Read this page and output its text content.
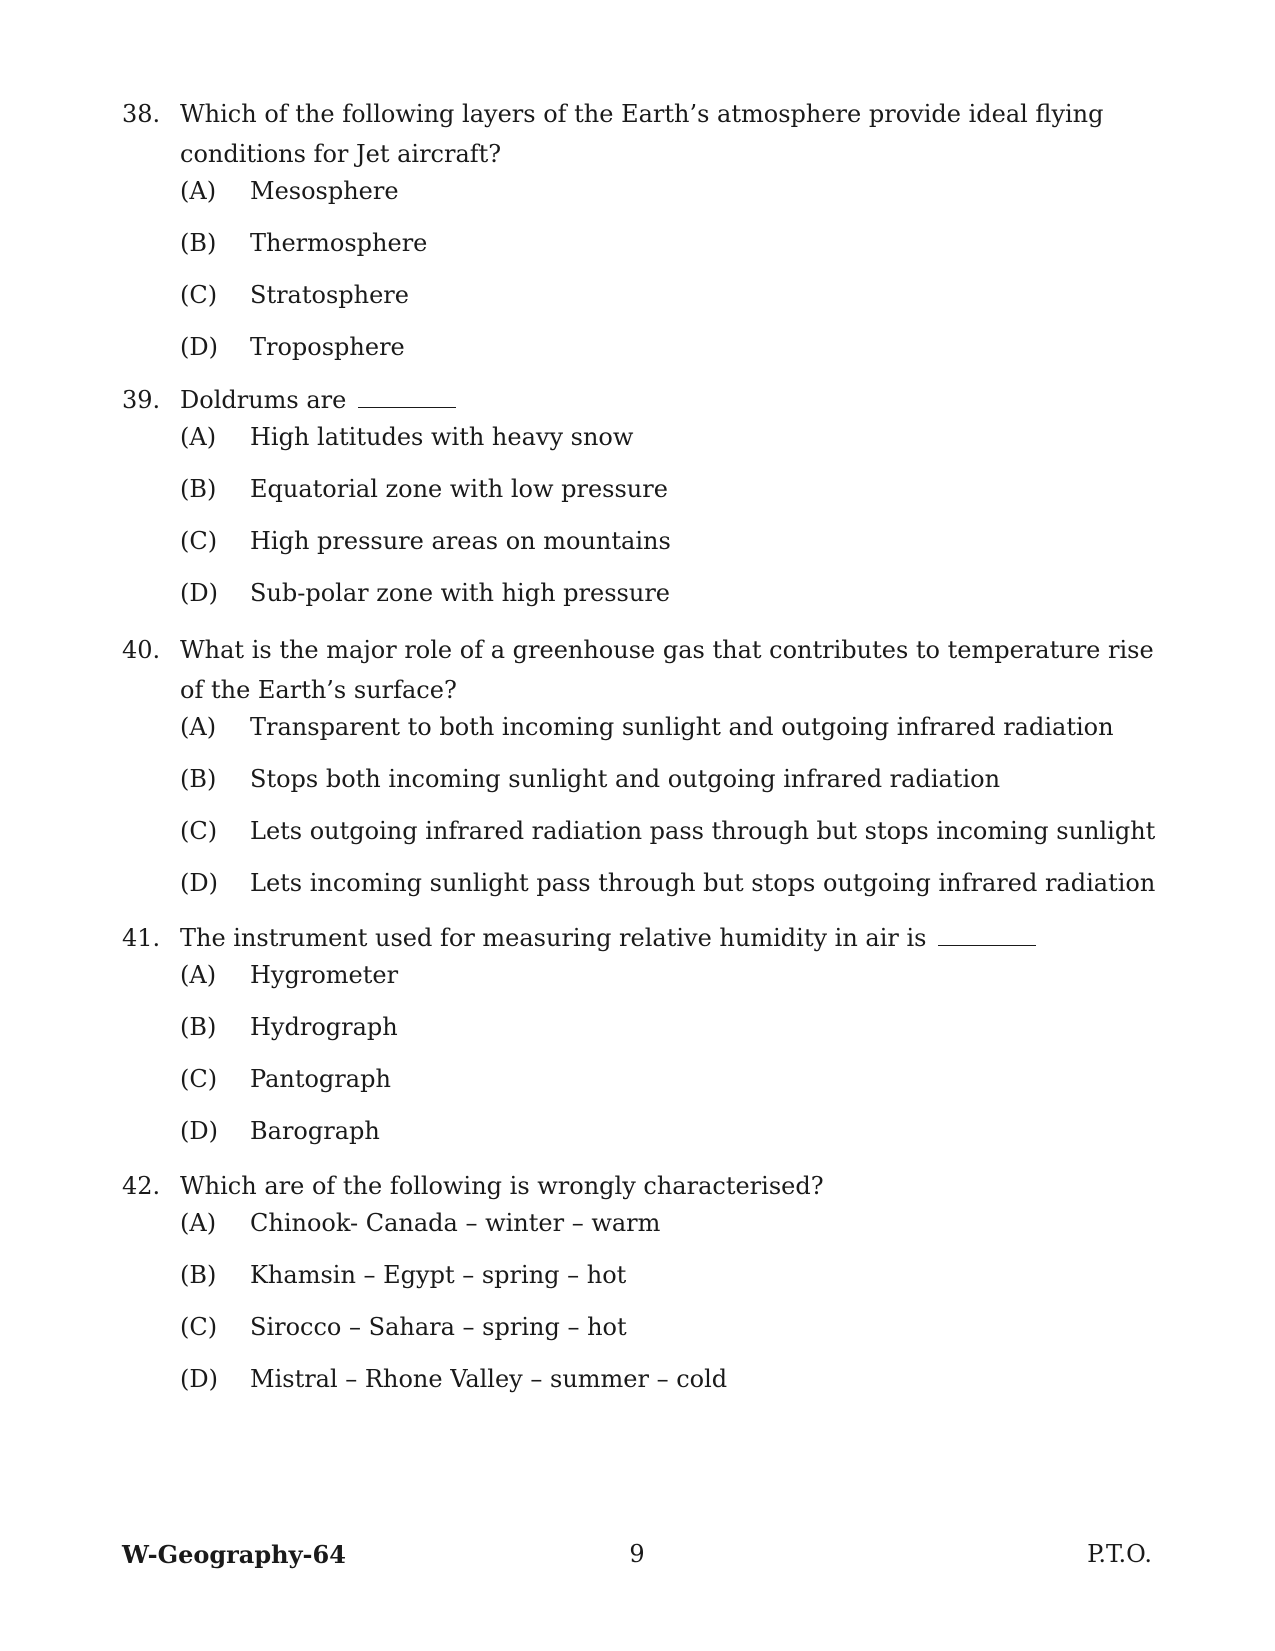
38. Which of the following layers of the Earth’s atmosphere provide ideal flying conditions for Jet aircraft?
(A)	Mesosphere
(B)	Thermosphere
(C)	Stratosphere
(D)	Troposphere
39. Doldrums are
(A)	High latitudes with heavy snow
(B)	Equatorial zone with low pressure
(C)	High pressure areas on mountains
(D)	Sub-polar zone with high pressure
40. What is the major role of a greenhouse gas that contributes to temperature rise of the Earth’s surface?
(A)	Transparent to both incoming sunlight and outgoing infrared radiation
(B)	Stops both incoming sunlight and outgoing infrared radiation
(C)	Lets outgoing infrared radiation pass through but stops incoming sunlight
(D)	Lets incoming sunlight pass through but stops outgoing infrared radiation
41. The instrument used for measuring relative humidity in air is
(A)	Hygrometer
(B)	Hydrograph
(C)	Pantograph
(D)	Barograph
42. Which are of the following is wrongly characterised?
(A)	Chinook- Canada – winter – warm
(B)	Khamsin – Egypt – spring – hot
(C)	Sirocco – Sahara – spring – hot
(D)	Mistral – Rhone Valley – summer – cold
W-Geography-64	9	P.T.O.
